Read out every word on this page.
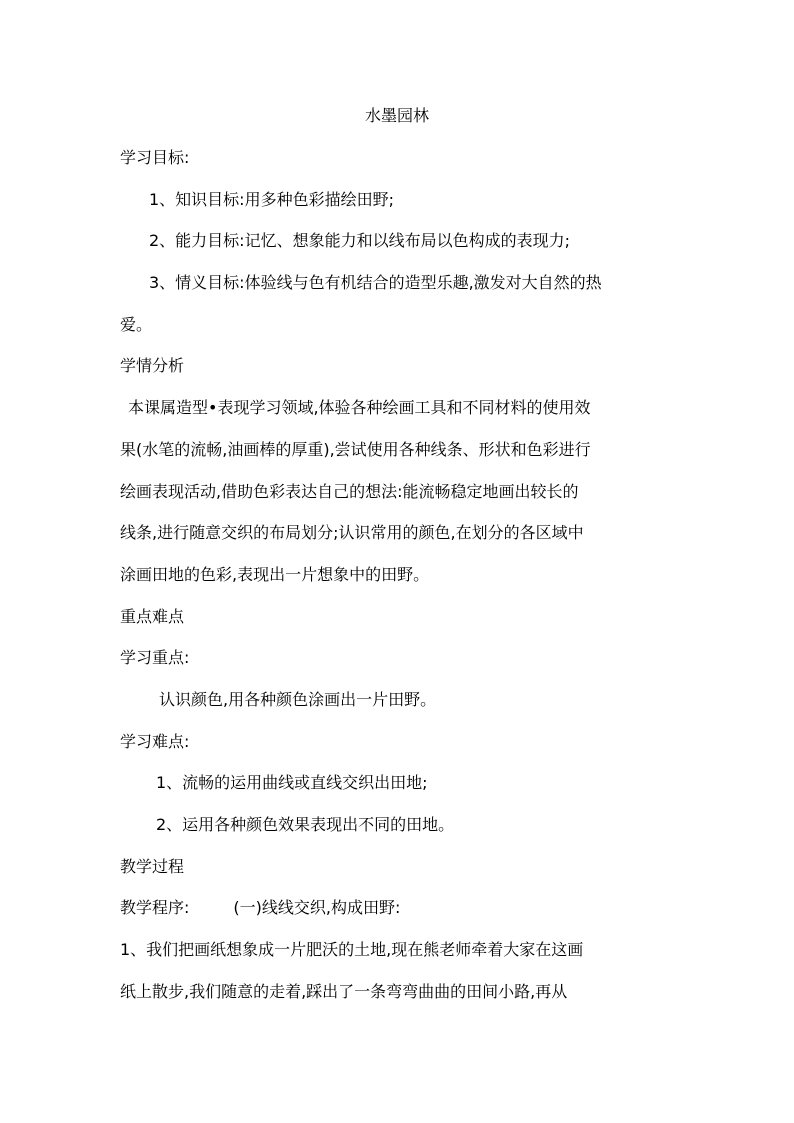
水墨园林

学习目标:

1、知识目标:用多种色彩描绘田野;

2、能力目标:记忆、想象能力和以线布局以色构成的表现力;

3、情义目标:体验线与色有机结合的造型乐趣,激发对大自然的热

爱。

学情分析

本课属造型•表现学习领域,体验各种绘画工具和不同材料的使用效

果(水笔的流畅,油画棒的厚重),尝试使用各种线条、形状和色彩进行

绘画表现活动,借助色彩表达自己的想法:能流畅稳定地画出较长的

线条,进行随意交织的布局划分;认识常用的颜色,在划分的各区域中

涂画田地的色彩,表现出一片想象中的田野。

重点难点

学习重点:

认识颜色,用各种颜色涂画出一片田野。

学习难点:

1、流畅的运用曲线或直线交织出田地;

2、运用各种颜色效果表现出不同的田地。

教学过程

教学程序:	(一)线线交织,构成田野:

1、我们把画纸想象成一片肥沃的土地,现在熊老师牵着大家在这画

纸上散步,我们随意的走着,踩出了一条弯弯曲曲的田间小路,再从
